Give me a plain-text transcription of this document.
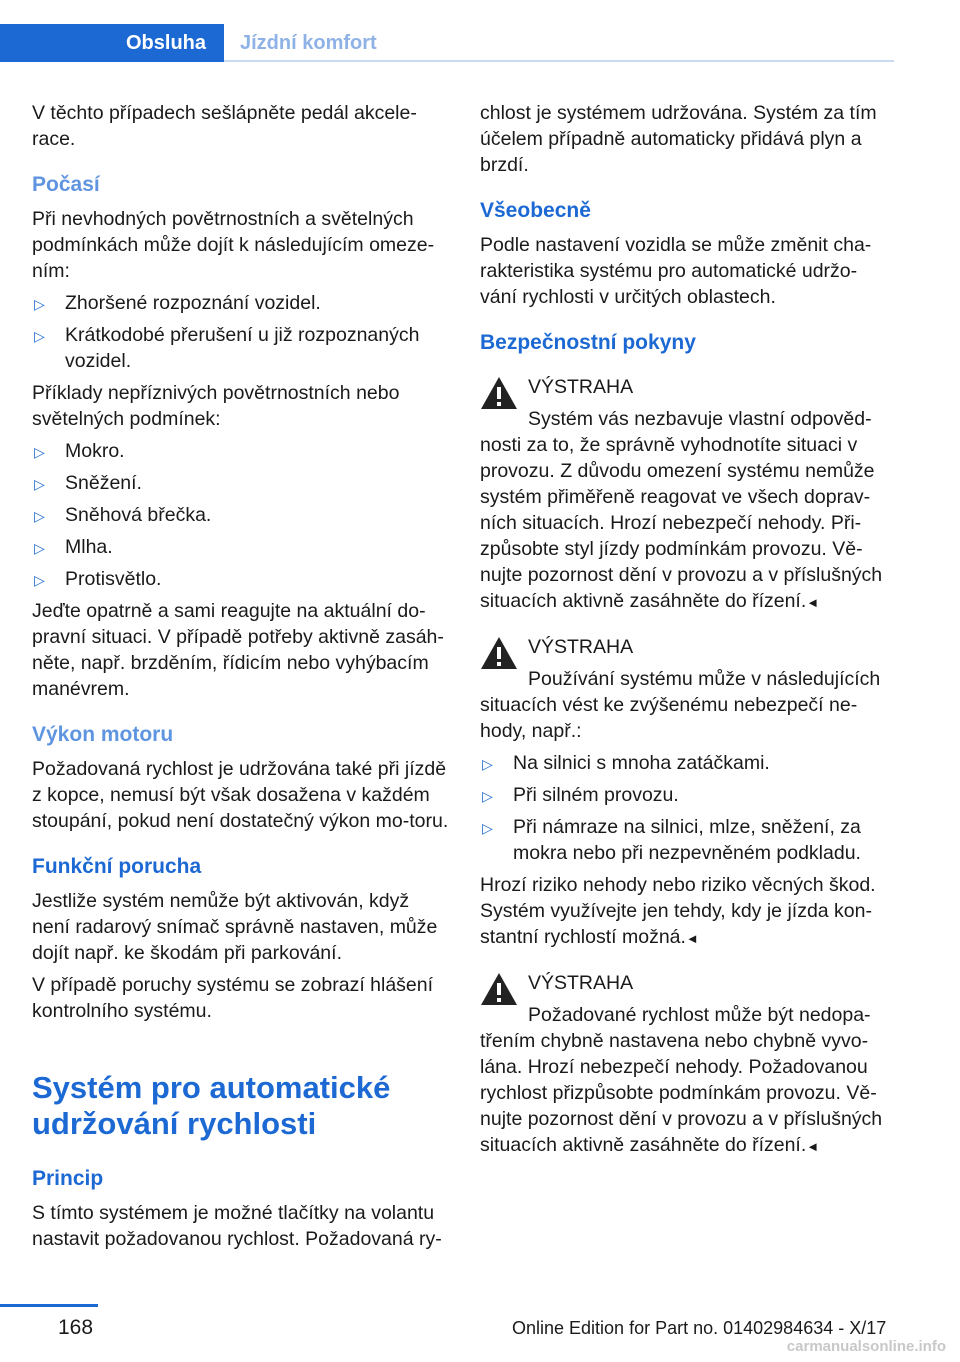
Obsluha Jízdní komfort

V těchto případech sešlápněte pedál akcele-race.

Počasí

Při nevhodných povětrnostních a světelných podmínkách může dojít k následujícím omeze-ním:

▷ Zhoršené rozpoznání vozidel.
▷ Krátkodobé přerušení u již rozpoznaných vozidel.

Příklady nepříznivých povětrnostních nebo světelných podmínek:

▷ Mokro.
▷ Sněžení.
▷ Sněhová břečka.
▷ Mlha.
▷ Protisvětlo.

Jeďte opatrně a sami reagujte na aktuální do-pravní situaci. V případě potřeby aktivně zasáh-něte, např. brzděním, řídicím nebo vyhýbacím manévrem.

Výkon motoru

Požadovaná rychlost je udržována také při jízdě z kopce, nemusí být však dosažena v každém stoupání, pokud není dostatečný výkon mo-toru.

Funkční porucha

Jestliže systém nemůže být aktivován, když není radarový snímač správně nastaven, může dojít např. ke škodám při parkování.

V případě poruchy systému se zobrazí hlášení kontrolního systému.

Systém pro automatické udržování rychlosti
Princip

S tímto systémem je možné tlačítky na volantu nastavit požadovanou rychlost. Požadovaná ry-

chlost je systémem udržována. Systém za tím účelem případně automaticky přidává plyn a brzdí.

Všeobecně

Podle nastavení vozidla se může změnit cha-rakteristika systému pro automatické udržo-vání rychlosti v určitých oblastech.

Bezpečnostní pokyny
VÝSTRAHA

Systém vás nezbavuje vlastní odpověd-nosti za to, že správně vyhodnotíte situaci v provozu. Z důvodu omezení systému nemůže systém přiměřeně reagovat ve všech doprav-ních situacích. Hrozí nebezpečí nehody. Při-způsobte styl jízdy podmínkám provozu. Vě-nujte pozornost dění v provozu a v příslušných situacích aktivně zasáhněte do řízení.◄

VÝSTRAHA

Používání systému může v následujících situacích vést ke zvýšenému nebezpečí ne-hody, např.:

▷ Na silnici s mnoha zatáčkami.
▷ Při silném provozu.
▷ Při námraze na silnici, mlze, sněžení, za mokra nebo při nezpevněném podkladu.

Hrozí riziko nehody nebo riziko věcných škod. Systém využívejte jen tehdy, kdy je jízda kon-stantní rychlostí možná.◄

VÝSTRAHA

Požadované rychlost může být nedopa-třením chybně nastavena nebo chybně vyvo-lána. Hrozí nebezpečí nehody. Požadovanou rychlost přizpůsobte podmínkám provozu. Vě-nujte pozornost dění v provozu a v příslušných situacích aktivně zasáhněte do řízení.◄

168	Online Edition for Part no. 01402984634 - X/17
carmanualsonline.info
